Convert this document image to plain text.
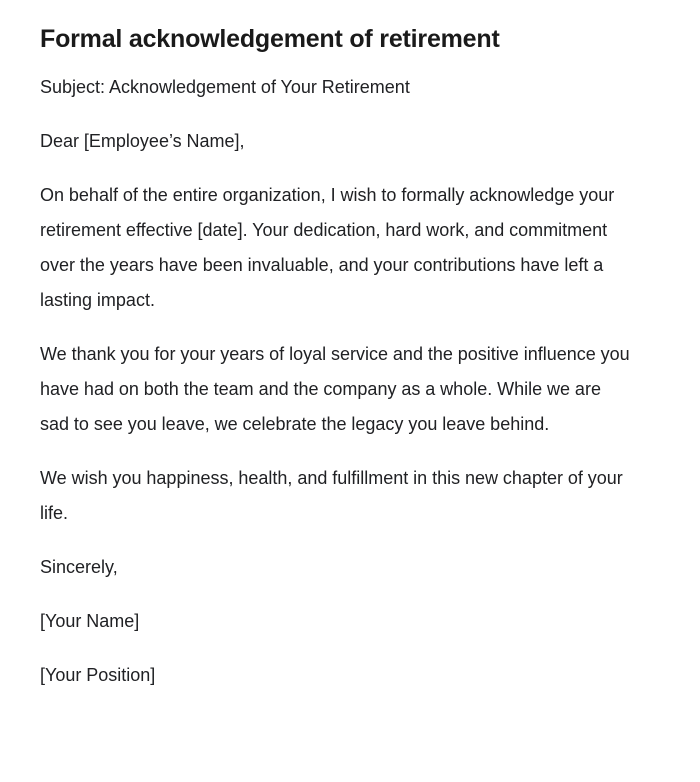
Formal acknowledgement of retirement

Subject: Acknowledgement of Your Retirement

Dear [Employee’s Name],

On behalf of the entire organization, I wish to formally acknowledge your retirement effective [date]. Your dedication, hard work, and commitment over the years have been invaluable, and your contributions have left a lasting impact.

We thank you for your years of loyal service and the positive influence you have had on both the team and the company as a whole. While we are sad to see you leave, we celebrate the legacy you leave behind.

We wish you happiness, health, and fulfillment in this new chapter of your life.

Sincerely,

[Your Name]

[Your Position]
